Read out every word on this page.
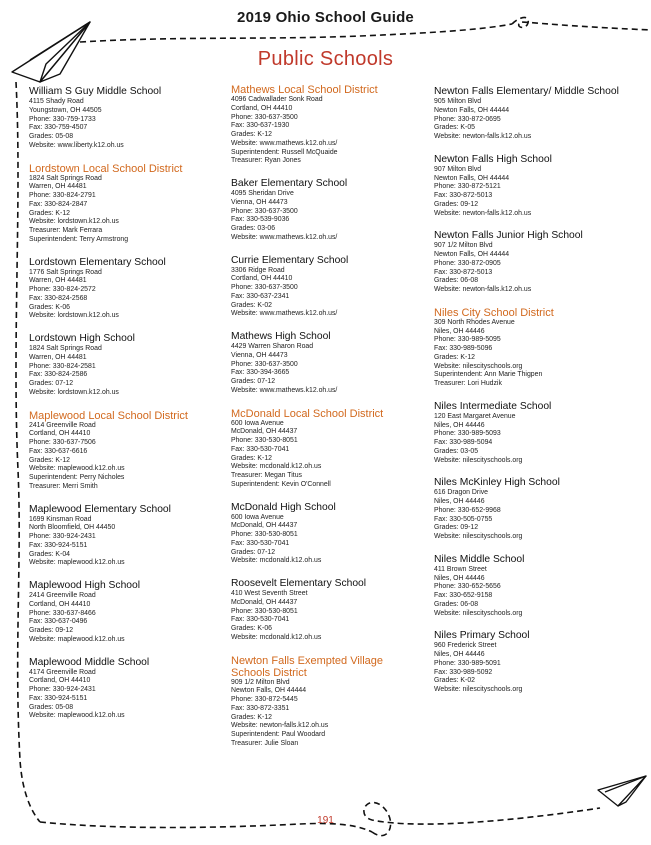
2019 Ohio School Guide
Public Schools
William S Guy Middle School
4115 Shady Road
Youngstown, OH 44505
Phone: 330-759-1733
Fax: 330-759-4507
Grades: 05-08
Website: www.liberty.k12.oh.us
Lordstown Local School District
1824 Salt Springs Road
Warren, OH 44481
Phone: 330-824-2791
Fax: 330-824-2847
Grades: K-12
Website: lordstown.k12.oh.us
Treasurer: Mark Ferrara
Superintendent: Terry Armstrong
Lordstown Elementary School
1776 Salt Springs Road
Warren, OH 44481
Phone: 330-824-2572
Fax: 330-824-2568
Grades: K-06
Website: lordstown.k12.oh.us
Lordstown High School
1824 Salt Springs Road
Warren, OH 44481
Phone: 330-824-2581
Fax: 330-824-2586
Grades: 07-12
Website: lordstown.k12.oh.us
Maplewood Local School District
2414 Greenville Road
Cortland, OH 44410
Phone: 330-637-7506
Fax: 330-637-6616
Grades: K-12
Website: maplewood.k12.oh.us
Superintendent: Perry Nicholes
Treasurer: Merri Smith
Maplewood Elementary School
1699 Kinsman Road
North Bloomfield, OH 44450
Phone: 330-924-2431
Fax: 330-924-5151
Grades: K-04
Website: maplewood.k12.oh.us
Maplewood High School
2414 Greenville Road
Cortland, OH 44410
Phone: 330-637-8466
Fax: 330-637-0496
Grades: 09-12
Website: maplewood.k12.oh.us
Maplewood Middle School
4174 Greenville Road
Cortland, OH 44410
Phone: 330-924-2431
Fax: 330-924-5151
Grades: 05-08
Website: maplewood.k12.oh.us
Mathews Local School District
4096 Cadwallader Sonk Road
Cortland, OH 44410
Phone: 330-637-3500
Fax: 330-637-1930
Grades: K-12
Website: www.mathews.k12.oh.us/
Superintendent: Russell McQuaide
Treasurer: Ryan Jones
Baker Elementary School
4095 Sheridan Drive
Vienna, OH 44473
Phone: 330-637-3500
Fax: 330-539-9036
Grades: 03-06
Website: www.mathews.k12.oh.us/
Currie Elementary School
3306 Ridge Road
Cortland, OH 44410
Phone: 330-637-3500
Fax: 330-637-2341
Grades: K-02
Website: www.mathews.k12.oh.us/
Mathews High School
4429 Warren Sharon Road
Vienna, OH 44473
Phone: 330-637-3500
Fax: 330-394-3665
Grades: 07-12
Website: www.mathews.k12.oh.us/
McDonald Local School District
600 Iowa Avenue
McDonald, OH 44437
Phone: 330-530-8051
Fax: 330-530-7041
Grades: K-12
Website: mcdonald.k12.oh.us
Treasurer: Megan Titus
Superintendent: Kevin O'Connell
McDonald High School
600 Iowa Avenue
McDonald, OH 44437
Phone: 330-530-8051
Fax: 330-530-7041
Grades: 07-12
Website: mcdonald.k12.oh.us
Roosevelt Elementary School
410 West Seventh Street
McDonald, OH 44437
Phone: 330-530-8051
Fax: 330-530-7041
Grades: K-06
Website: mcdonald.k12.oh.us
Newton Falls Exempted Village Schools District
909 1/2 Milton Blvd
Newton Falls, OH 44444
Phone: 330-872-5445
Fax: 330-872-3351
Grades: K-12
Website: newton-falls.k12.oh.us
Superintendent: Paul Woodard
Treasurer: Julie Sloan
Newton Falls Elementary/ Middle School
905 Milton Blvd
Newton Falls, OH 44444
Phone: 330-872-0695
Grades: K-05
Website: newton-falls.k12.oh.us
Newton Falls High School
907 Milton Blvd
Newton Falls, OH 44444
Phone: 330-872-5121
Fax: 330-872-5013
Grades: 09-12
Website: newton-falls.k12.oh.us
Newton Falls Junior High School
907 1/2 Milton Blvd
Newton Falls, OH 44444
Phone: 330-872-0905
Fax: 330-872-5013
Grades: 06-08
Website: newton-falls.k12.oh.us
Niles City School District
309 North Rhodes Avenue
Niles, OH 44446
Phone: 330-989-5095
Fax: 330-989-5096
Grades: K-12
Website: nilescityschools.org
Superintendent: Ann Marie Thigpen
Treasurer: Lori Hudzik
Niles Intermediate School
120 East Margaret Avenue
Niles, OH 44446
Phone: 330-989-5093
Fax: 330-989-5094
Grades: 03-05
Website: nilescityschools.org
Niles McKinley High School
616 Dragon Drive
Niles, OH 44446
Phone: 330-652-9968
Fax: 330-505-0755
Grades: 09-12
Website: nilescityschools.org
Niles Middle School
411 Brown Street
Niles, OH 44446
Phone: 330-652-5656
Fax: 330-652-9158
Grades: 06-08
Website: nilescityschools.org
Niles Primary School
960 Frederick Street
Niles, OH 44446
Phone: 330-989-5091
Fax: 330-989-5092
Grades: K-02
Website: nilescityschools.org
191
